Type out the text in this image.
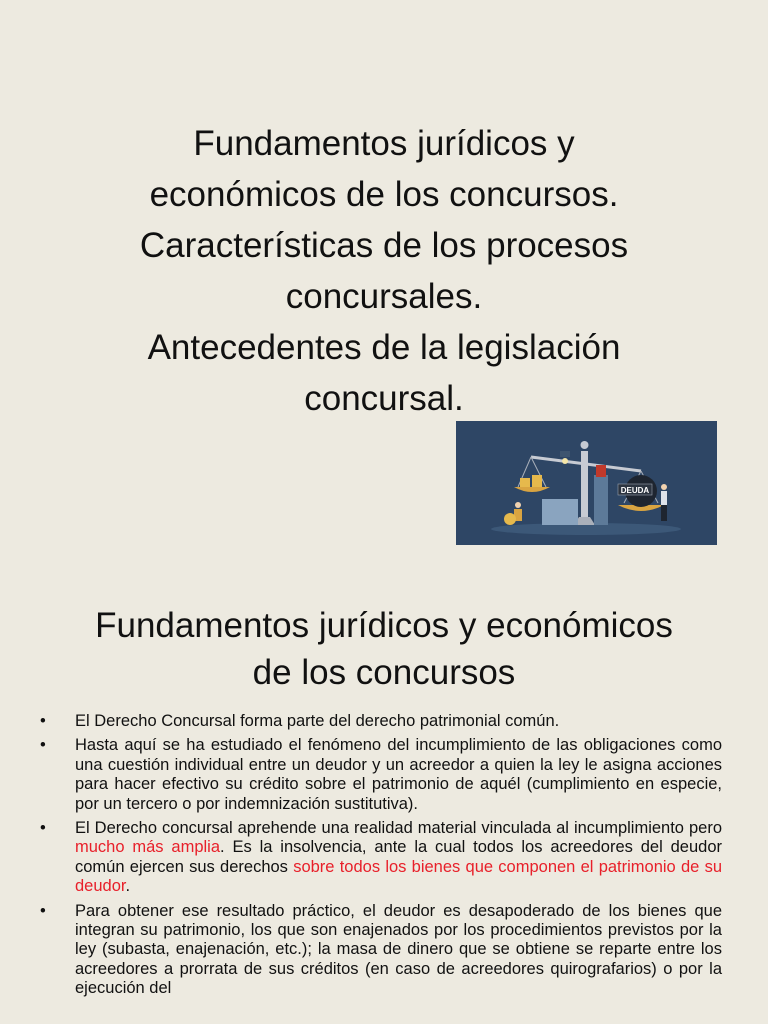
Fundamentos jurídicos y
económicos de los concursos.
Características de los procesos
concursales.
Antecedentes de la legislación
concursal.
DEUDA
Fundamentos jurídicos y económicos
de los concursos
• El Derecho Concursal forma parte del derecho patrimonial común.
• Hasta aquí se ha estudiado el fenómeno del incumplimiento de las obligaciones como una cuestión individual entre un deudor y un acreedor a quien la ley le asigna acciones para hacer efectivo su crédito sobre el patrimonio de aquél (cumplimiento en especie, por un tercero o por indemnización sustitutiva).
• El Derecho concursal aprehende una realidad material vinculada al incumplimiento pero mucho más amplia. Es la insolvencia, ante la cual todos los acreedores del deudor común ejercen sus derechos sobre todos los bienes que componen el patrimonio de su deudor.
• Para obtener ese resultado práctico, el deudor es desapoderado de los bienes que integran su patrimonio, los que son enajenados por los procedimientos previstos por la ley (subasta, enajenación, etc.); la masa de dinero que se obtiene se reparte entre los acreedores a prorrata de sus créditos (en caso de acreedores quirografarios) o por la ejecución del
